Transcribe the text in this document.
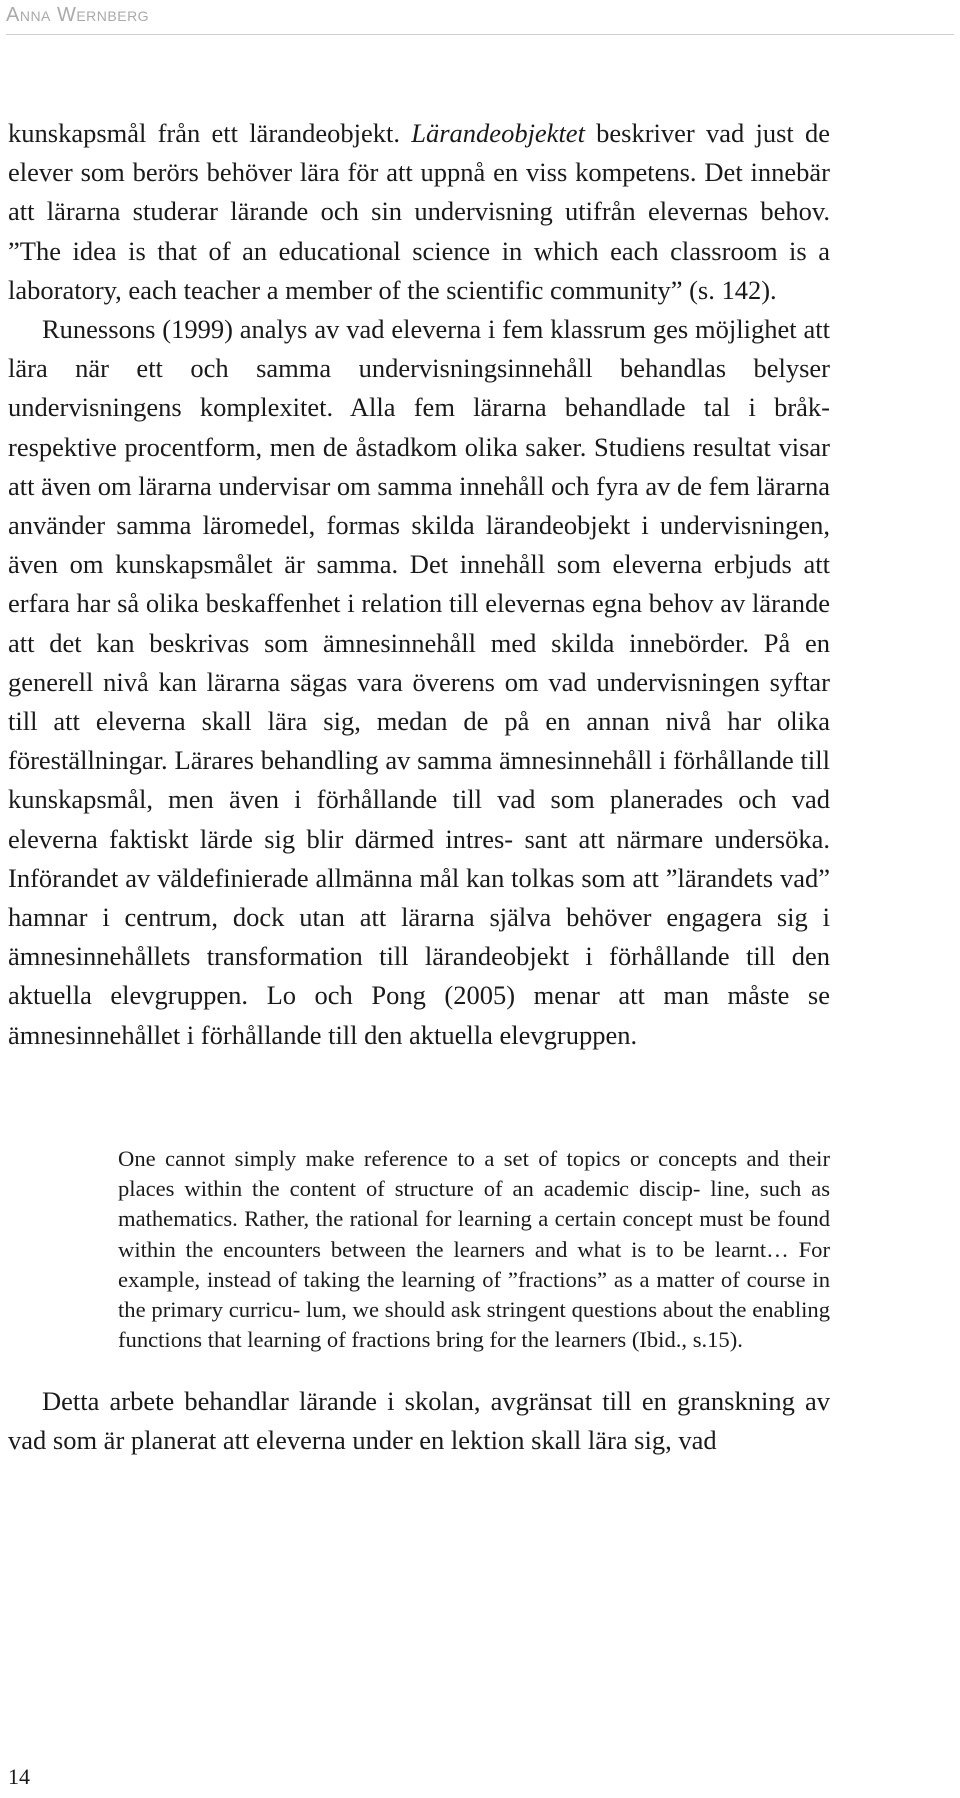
Anna Wernberg

kunskapsmål från ett lärandeobjekt. Lärandeobjektet beskriver vad just de elever som berörs behöver lära för att uppnå en viss kompetens. Det innebär att lärarna studerar lärande och sin undervisning utifrån elevernas behov. ”The idea is that of an educational science in which each classroom is a laboratory, each teacher a member of the scientific community” (s. 142).

Runessons (1999) analys av vad eleverna i fem klassrum ges möjlighet att lära när ett och samma undervisningsinnehåll behandlas belyser undervisningens komplexitet. Alla fem lärarna behandlade tal i bråk- respektive procentform, men de åstadkom olika saker. Studiens resultat visar att även om lärarna undervisar om samma innehåll och fyra av de fem lärarna använder samma läromedel, formas skilda lärandeobjekt i undervisningen, även om kunskapsmålet är samma. Det innehåll som eleverna erbjuds att erfara har så olika beskaffenhet i relation till elevernas egna behov av lärande att det kan beskrivas som ämnesinnehåll med skilda innebörder. På en generell nivå kan lärarna sägas vara överens om vad undervisningen syftar till att eleverna skall lära sig, medan de på en annan nivå har olika föreställningar. Lärares behandling av samma ämnesinnehåll i förhållande till kunskapsmål, men även i förhållande till vad som planerades och vad eleverna faktiskt lärde sig blir därmed intres- sant att närmare undersöka. Införandet av väldefinierade allmänna mål kan tolkas som att ”lärandets vad” hamnar i centrum, dock utan att lärarna själva behöver engagera sig i ämnesinnehållets transformation till lärandeobjekt i förhållande till den aktuella elevgruppen. Lo och Pong (2005) menar att man måste se ämnesinnehållet i förhållande till den aktuella elevgruppen.

One cannot simply make reference to a set of topics or concepts and their places within the content of structure of an academic discip- line, such as mathematics. Rather, the rational for learning a certain concept must be found within the encounters between the learners and what is to be learnt… For example, instead of taking the learning of ”fractions” as a matter of course in the primary curricu- lum, we should ask stringent questions about the enabling functions that learning of fractions bring for the learners (Ibid., s.15).

Detta arbete behandlar lärande i skolan, avgränsat till en granskning av vad som är planerat att eleverna under en lektion skall lära sig, vad

14
